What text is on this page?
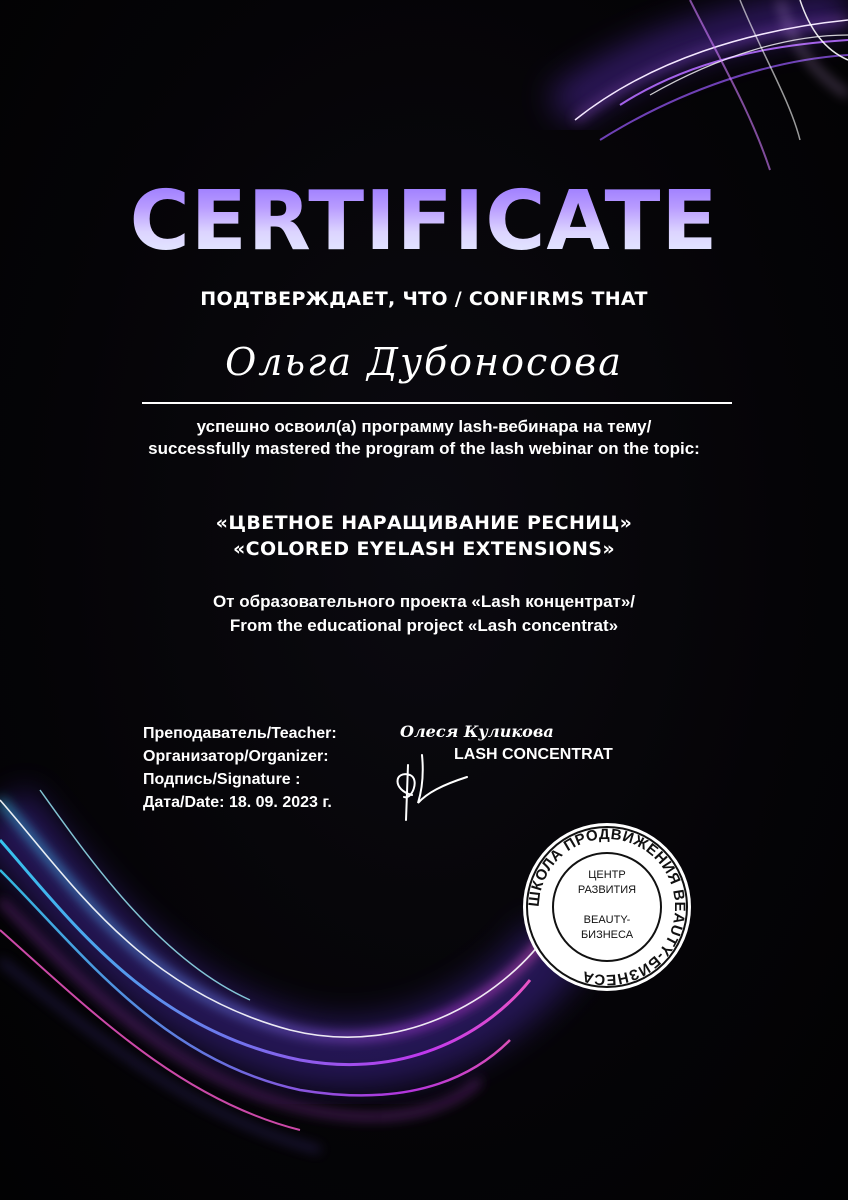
CERTIFICATE
ПОДТВЕРЖДАЕТ, ЧТО / CONFIRMS THAT
Ольга Дубоносова
успешно освоил(а) программу lash-вебинара на тему/
successfully mastered the program of the lash webinar on the topic:
«ЦВЕТНОЕ НАРАЩИВАНИЕ РЕСНИЦ»
«COLORED EYELASH EXTENSIONS»
От образовательного проекта «Lash концентрат»/
From the educational project «Lash concentrat»
Преподаватель/Teacher:
Организатор/Organizer:
Подпись/Signature :
Дата/Date: 18. 09. 2023 г.
Олеся Куликова
LASH CONCENTRAT
ШКОЛА ПРОДВИЖЕНИЯ BEAUTY-БИЗНЕСА
ЦЕНТР
РАЗВИТИЯ
BEAUTY-
БИЗНЕСА
